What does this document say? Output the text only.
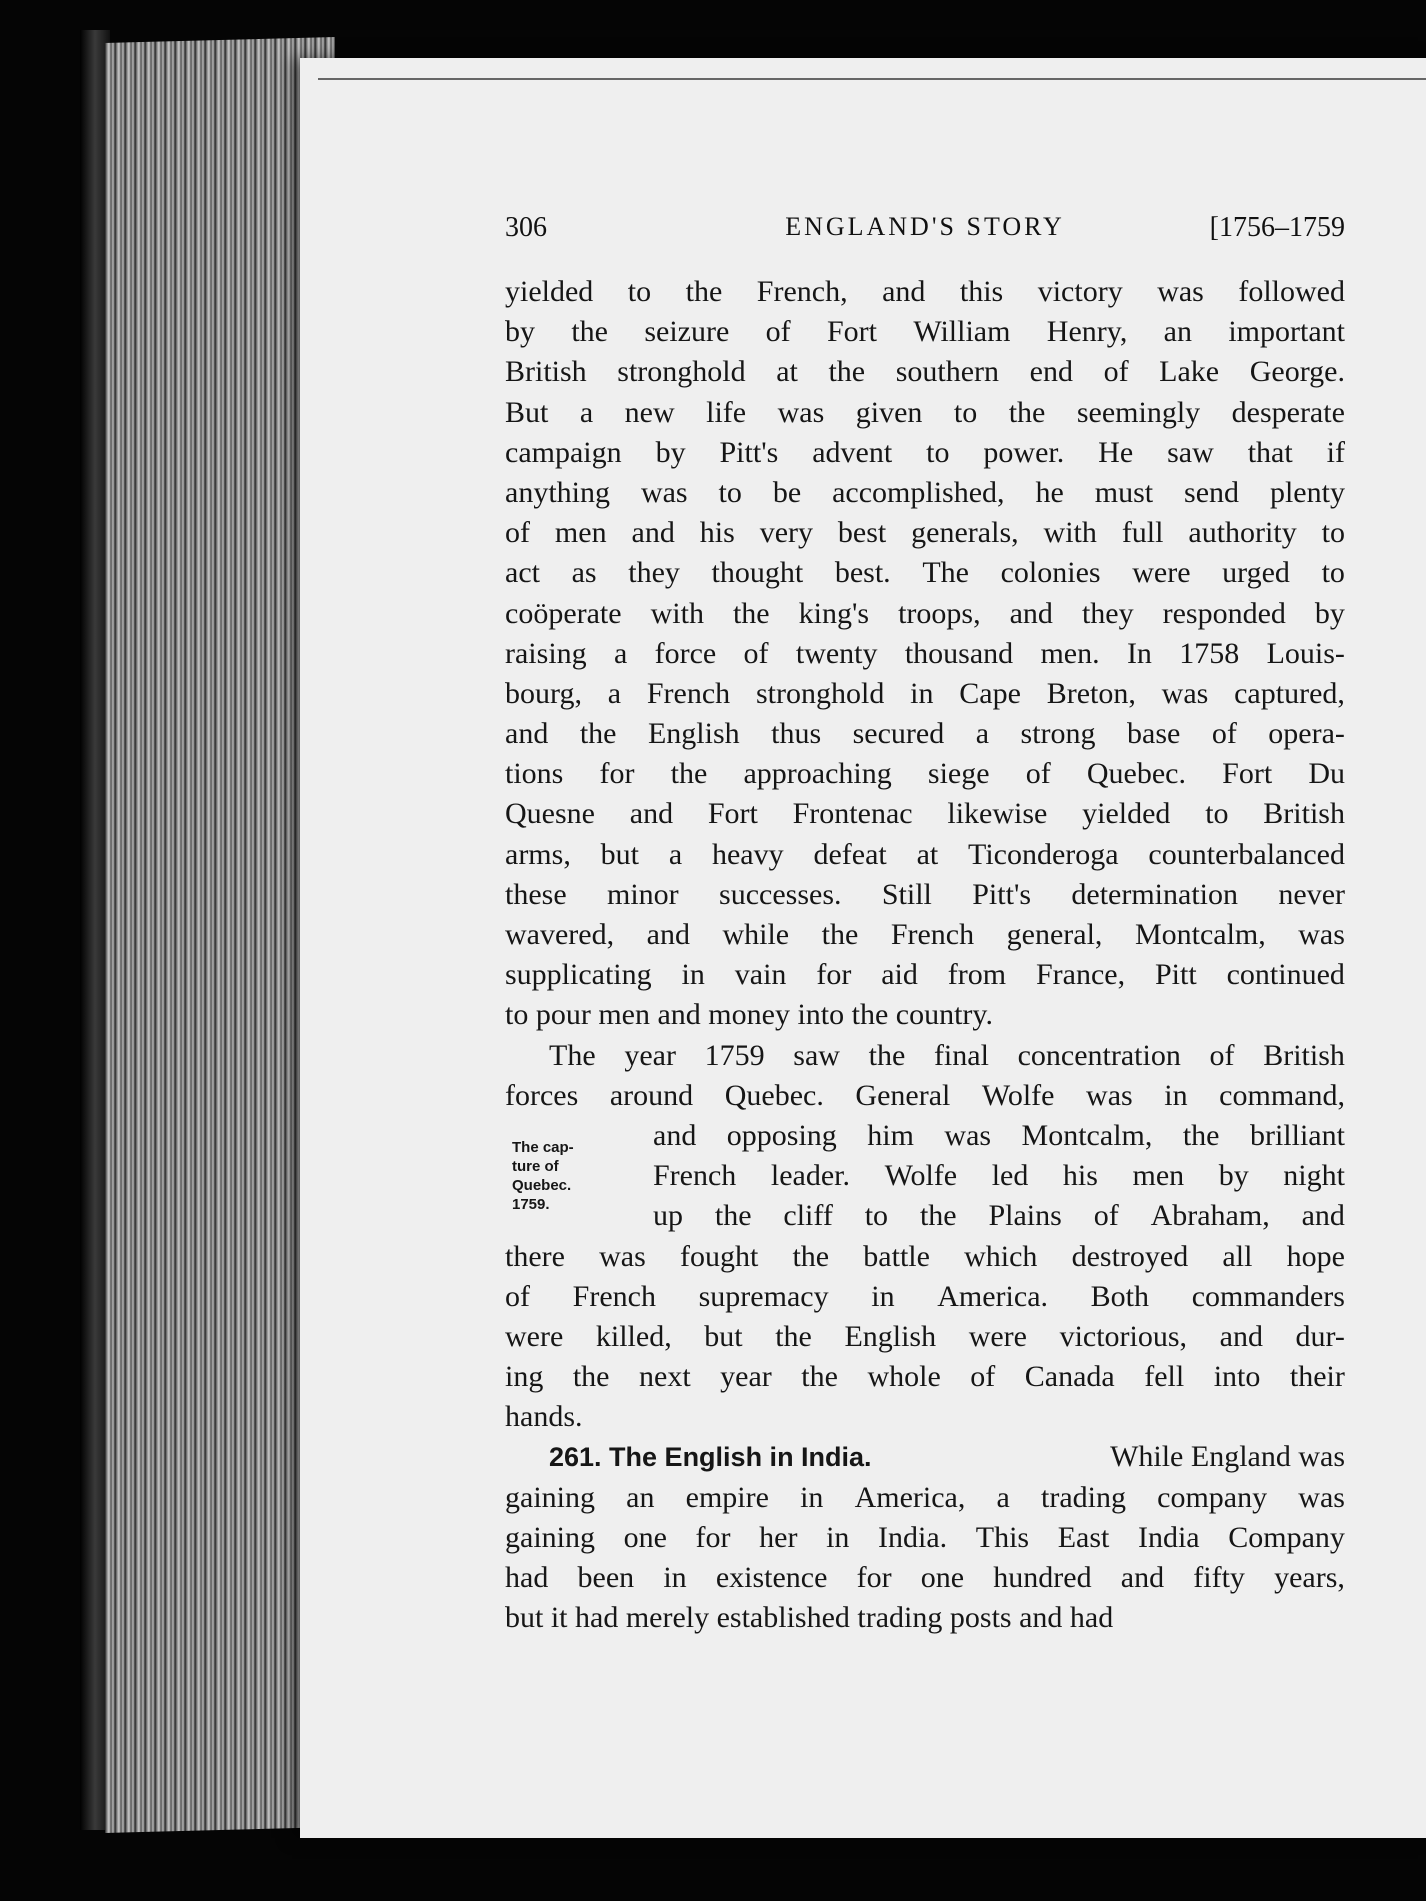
306	ENGLAND'S STORY	[1756–1759
The cap-
ture of
Quebec.
1759.
yielded to the French, and this victory was followed
by the seizure of Fort William Henry, an important
British stronghold at the southern end of Lake George.
But a new life was given to the seemingly desperate
campaign by Pitt's advent to power. He saw that if
anything was to be accomplished, he must send plenty
of men and his very best generals, with full authority to
act as they thought best. The colonies were urged to
coöperate with the king's troops, and they responded by
raising a force of twenty thousand men. In 1758 Louis-
bourg, a French stronghold in Cape Breton, was captured,
and the English thus secured a strong base of opera-
tions for the approaching siege of Quebec. Fort Du
Quesne and Fort Frontenac likewise yielded to British
arms, but a heavy defeat at Ticonderoga counterbalanced
these minor successes. Still Pitt's determination never
wavered, and while the French general, Montcalm, was
supplicating in vain for aid from France, Pitt continued
to pour men and money into the country.
The year 1759 saw the final concentration of British
forces around Quebec. General Wolfe was in command,
and opposing him was Montcalm, the brilliant
French leader. Wolfe led his men by night
up the cliff to the Plains of Abraham, and
there was fought the battle which destroyed all hope
of French supremacy in America. Both commanders
were killed, but the English were victorious, and dur-
ing the next year the whole of Canada fell into their
hands.
261. The English in India.	While England was
gaining an empire in America, a trading company was
gaining one for her in India. This East India Company
had been in existence for one hundred and fifty years,
but it had merely established trading posts and had
